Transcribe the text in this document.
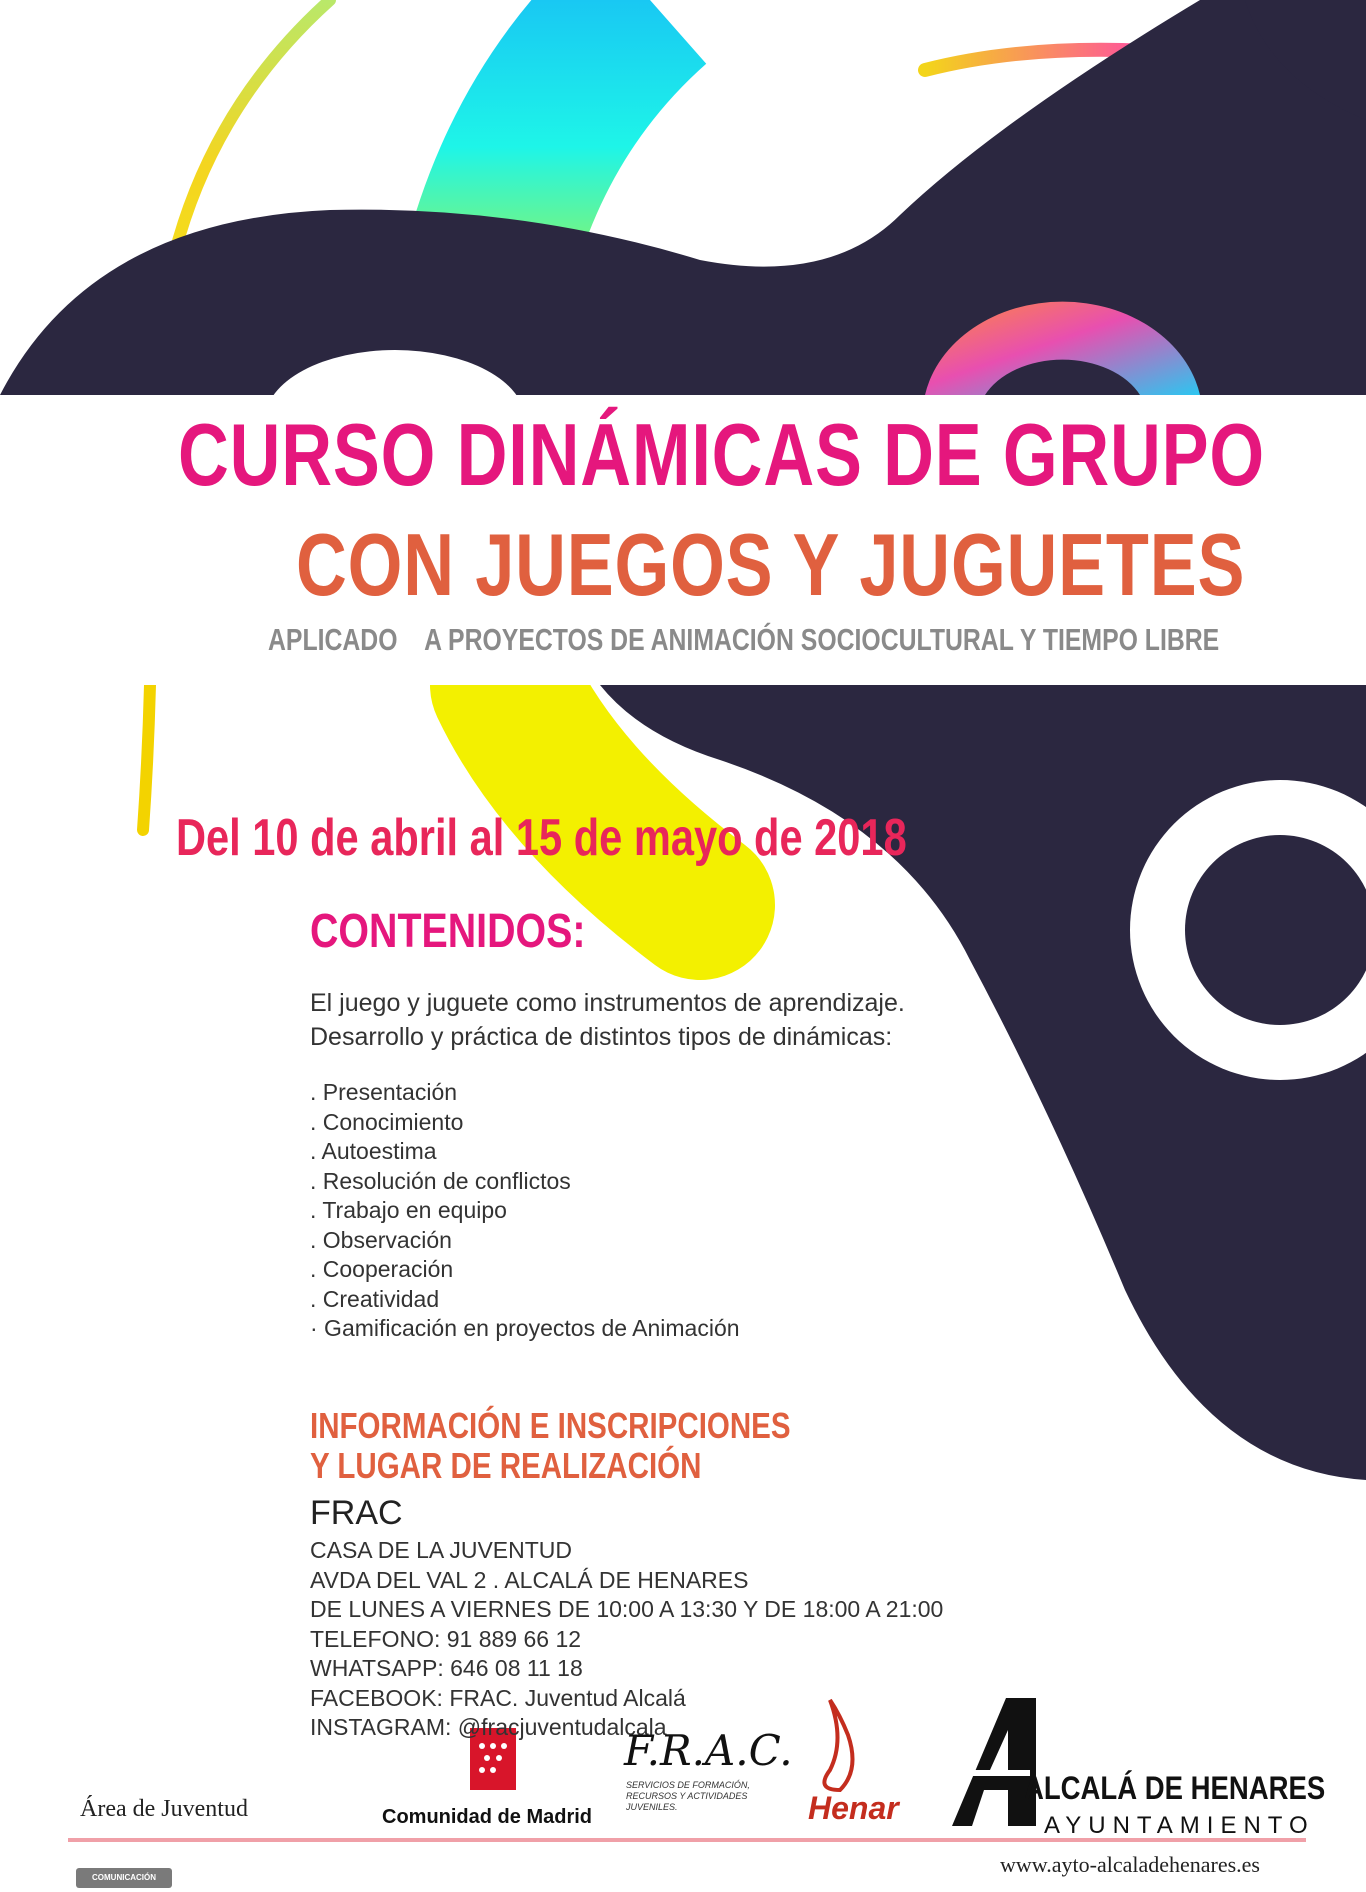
CURSO DINÁMICAS DE GRUPO
CON JUEGOS Y JUGUETES
APLICADO    A PROYECTOS DE ANIMACIÓN SOCIOCULTURAL Y TIEMPO LIBRE
Del 10 de abril al 15 de mayo de 2018
CONTENIDOS:
El juego y juguete como instrumentos de aprendizaje.
Desarrollo y práctica de distintos tipos de dinámicas:
. Presentación
. Conocimiento
. Autoestima
. Resolución de conflictos
. Trabajo en equipo
. Observación
. Cooperación
. Creatividad
· Gamificación en proyectos de Animación
INFORMACIÓN E INSCRIPCIONES
Y LUGAR DE REALIZACIÓN
FRAC
CASA DE LA JUVENTUD
AVDA DEL VAL 2 . ALCALÁ DE HENARES
DE LUNES A VIERNES DE 10:00 A 13:30 Y DE 18:00 A 21:00
TELEFONO: 91 889 66 12
WHATSAPP: 646 08 11 18
FACEBOOK: FRAC. Juventud Alcalá
INSTAGRAM: @fracjuventudalcala
Área de Juventud	Comunidad de Madrid
F.R.A.C.
SERVICIOS DE FORMACIÓN, RECURSOS Y ACTIVIDADES JUVENILES.	Henar
ALCALÁ DE HENARES
AYUNTAMIENTO
COMUNICACIÓN
www.ayto-alcaladehenares.es
